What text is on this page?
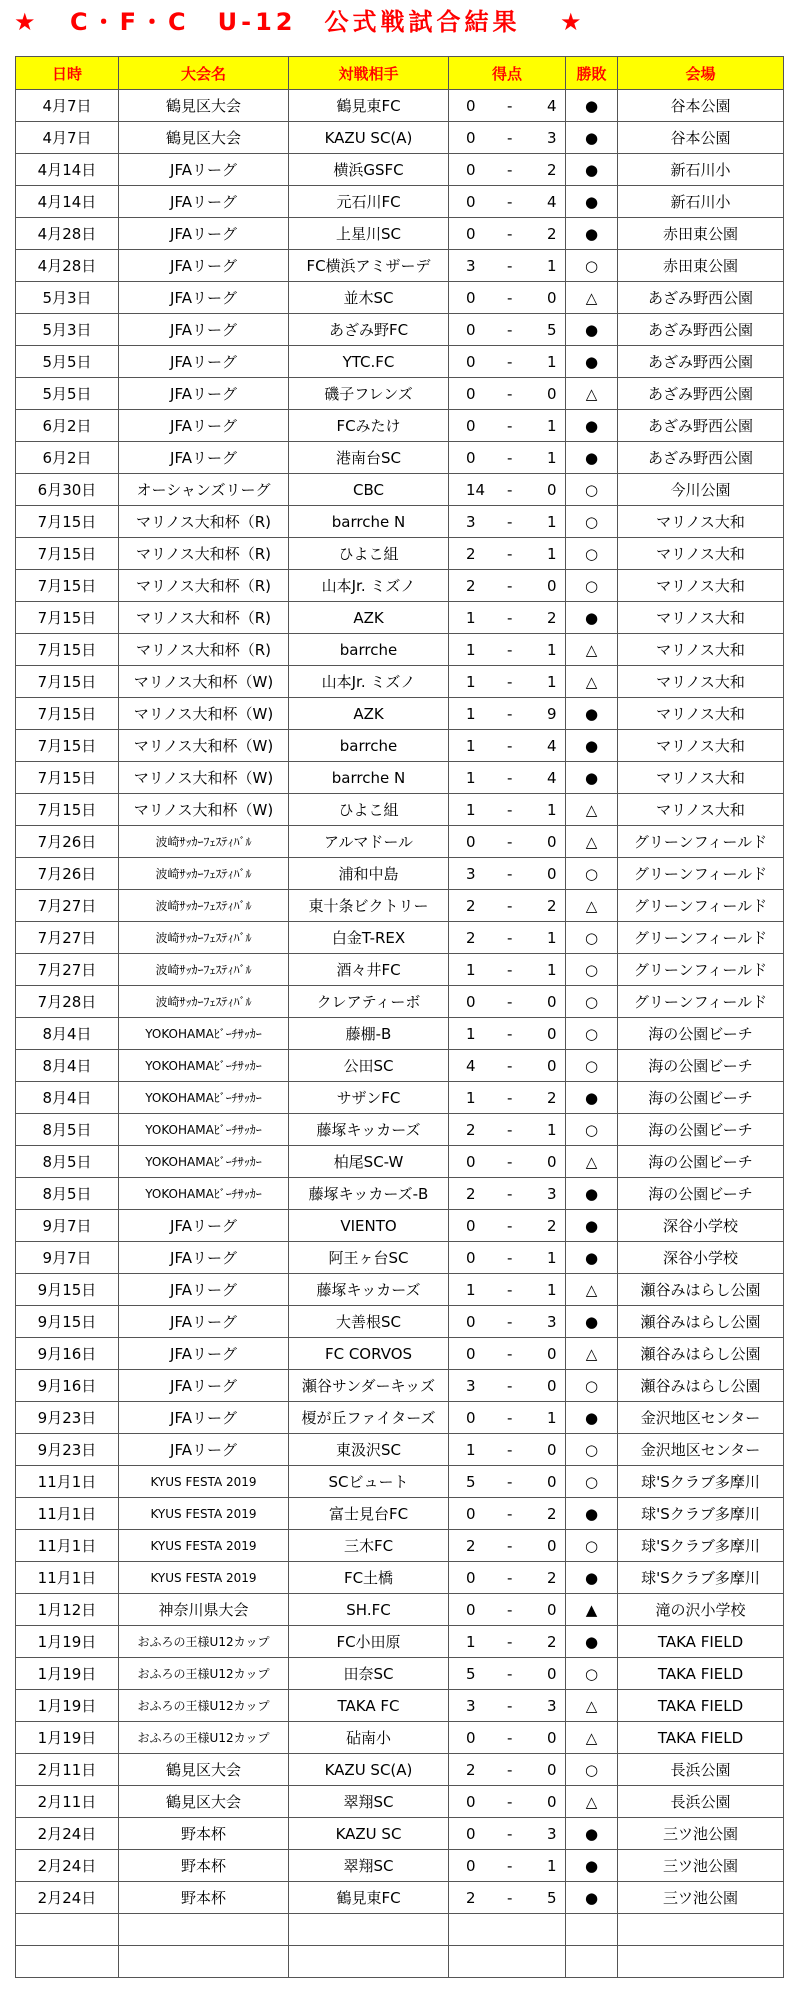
★ C・F・C　U-12　公式戦試合結果 ★
日時	大会名	対戦相手	得点	勝敗	会場
4月7日	鶴見区大会	鶴見東FC	0 - 4	●	谷本公園
4月7日	鶴見区大会	KAZU SC(A)	0 - 3	●	谷本公園
4月14日	JFAリーグ	横浜GSFC	0 - 2	●	新石川小
4月14日	JFAリーグ	元石川FC	0 - 4	●	新石川小
4月28日	JFAリーグ	上星川SC	0 - 2	●	赤田東公園
4月28日	JFAリーグ	FC横浜アミザーデ	3 - 1	○	赤田東公園
5月3日	JFAリーグ	並木SC	0 - 0	△	あざみ野西公園
5月3日	JFAリーグ	あざみ野FC	0 - 5	●	あざみ野西公園
5月5日	JFAリーグ	YTC.FC	0 - 1	●	あざみ野西公園
5月5日	JFAリーグ	磯子フレンズ	0 - 0	△	あざみ野西公園
6月2日	JFAリーグ	FCみたけ	0 - 1	●	あざみ野西公園
6月2日	JFAリーグ	港南台SC	0 - 1	●	あざみ野西公園
6月30日	オーシャンズリーグ	CBC	14 - 0	○	今川公園
7月15日	マリノス大和杯（R)	barrche N	3 - 1	○	マリノス大和
7月15日	マリノス大和杯（R)	ひよこ組	2 - 1	○	マリノス大和
7月15日	マリノス大和杯（R)	山本Jr. ミズノ	2 - 0	○	マリノス大和
7月15日	マリノス大和杯（R)	AZK	1 - 2	●	マリノス大和
7月15日	マリノス大和杯（R)	barrche	1 - 1	△	マリノス大和
7月15日	マリノス大和杯（W)	山本Jr. ミズノ	1 - 1	△	マリノス大和
7月15日	マリノス大和杯（W)	AZK	1 - 9	●	マリノス大和
7月15日	マリノス大和杯（W)	barrche	1 - 4	●	マリノス大和
7月15日	マリノス大和杯（W)	barrche N	1 - 4	●	マリノス大和
7月15日	マリノス大和杯（W)	ひよこ組	1 - 1	△	マリノス大和
7月26日	波崎ｻｯｶｰﾌｪｽﾃｨﾊﾞﾙ	アルマドール	0 - 0	△	グリーンフィールド
7月26日	波崎ｻｯｶｰﾌｪｽﾃｨﾊﾞﾙ	浦和中島	3 - 0	○	グリーンフィールド
7月27日	波崎ｻｯｶｰﾌｪｽﾃｨﾊﾞﾙ	東十条ビクトリー	2 - 2	△	グリーンフィールド
7月27日	波崎ｻｯｶｰﾌｪｽﾃｨﾊﾞﾙ	白金T-REX	2 - 1	○	グリーンフィールド
7月27日	波崎ｻｯｶｰﾌｪｽﾃｨﾊﾞﾙ	酒々井FC	1 - 1	○	グリーンフィールド
7月28日	波崎ｻｯｶｰﾌｪｽﾃｨﾊﾞﾙ	クレアティーボ	0 - 0	○	グリーンフィールド
8月4日	YOKOHAMAﾋﾞｰﾁｻｯｶｰ	藤棚-B	1 - 0	○	海の公園ビーチ
8月4日	YOKOHAMAﾋﾞｰﾁｻｯｶｰ	公田SC	4 - 0	○	海の公園ビーチ
8月4日	YOKOHAMAﾋﾞｰﾁｻｯｶｰ	サザンFC	1 - 2	●	海の公園ビーチ
8月5日	YOKOHAMAﾋﾞｰﾁｻｯｶｰ	藤塚キッカーズ	2 - 1	○	海の公園ビーチ
8月5日	YOKOHAMAﾋﾞｰﾁｻｯｶｰ	柏尾SC-W	0 - 0	△	海の公園ビーチ
8月5日	YOKOHAMAﾋﾞｰﾁｻｯｶｰ	藤塚キッカーズ-B	2 - 3	●	海の公園ビーチ
9月7日	JFAリーグ	VIENTO	0 - 2	●	深谷小学校
9月7日	JFAリーグ	阿王ヶ台SC	0 - 1	●	深谷小学校
9月15日	JFAリーグ	藤塚キッカーズ	1 - 1	△	瀬谷みはらし公園
9月15日	JFAリーグ	大善根SC	0 - 3	●	瀬谷みはらし公園
9月16日	JFAリーグ	FC CORVOS	0 - 0	△	瀬谷みはらし公園
9月16日	JFAリーグ	瀬谷サンダーキッズ	3 - 0	○	瀬谷みはらし公園
9月23日	JFAリーグ	榎が丘ファイターズ	0 - 1	●	金沢地区センター
9月23日	JFAリーグ	東汲沢SC	1 - 0	○	金沢地区センター
11月1日	KYUS FESTA 2019	SCビュート	5 - 0	○	球'Sクラブ多摩川
11月1日	KYUS FESTA 2019	富士見台FC	0 - 2	●	球'Sクラブ多摩川
11月1日	KYUS FESTA 2019	三木FC	2 - 0	○	球'Sクラブ多摩川
11月1日	KYUS FESTA 2019	FC土橋	0 - 2	●	球'Sクラブ多摩川
1月12日	神奈川県大会	SH.FC	0 - 0	▲	滝の沢小学校
1月19日	おふろの王様U12カップ	FC小田原	1 - 2	●	TAKA FIELD
1月19日	おふろの王様U12カップ	田奈SC	5 - 0	○	TAKA FIELD
1月19日	おふろの王様U12カップ	TAKA FC	3 - 3	△	TAKA FIELD
1月19日	おふろの王様U12カップ	砧南小	0 - 0	△	TAKA FIELD
2月11日	鶴見区大会	KAZU SC(A)	2 - 0	○	長浜公園
2月11日	鶴見区大会	翠翔SC	0 - 0	△	長浜公園
2月24日	野本杯	KAZU SC	0 - 3	●	三ツ池公園
2月24日	野本杯	翠翔SC	0 - 1	●	三ツ池公園
2月24日	野本杯	鶴見東FC	2 - 5	●	三ツ池公園
